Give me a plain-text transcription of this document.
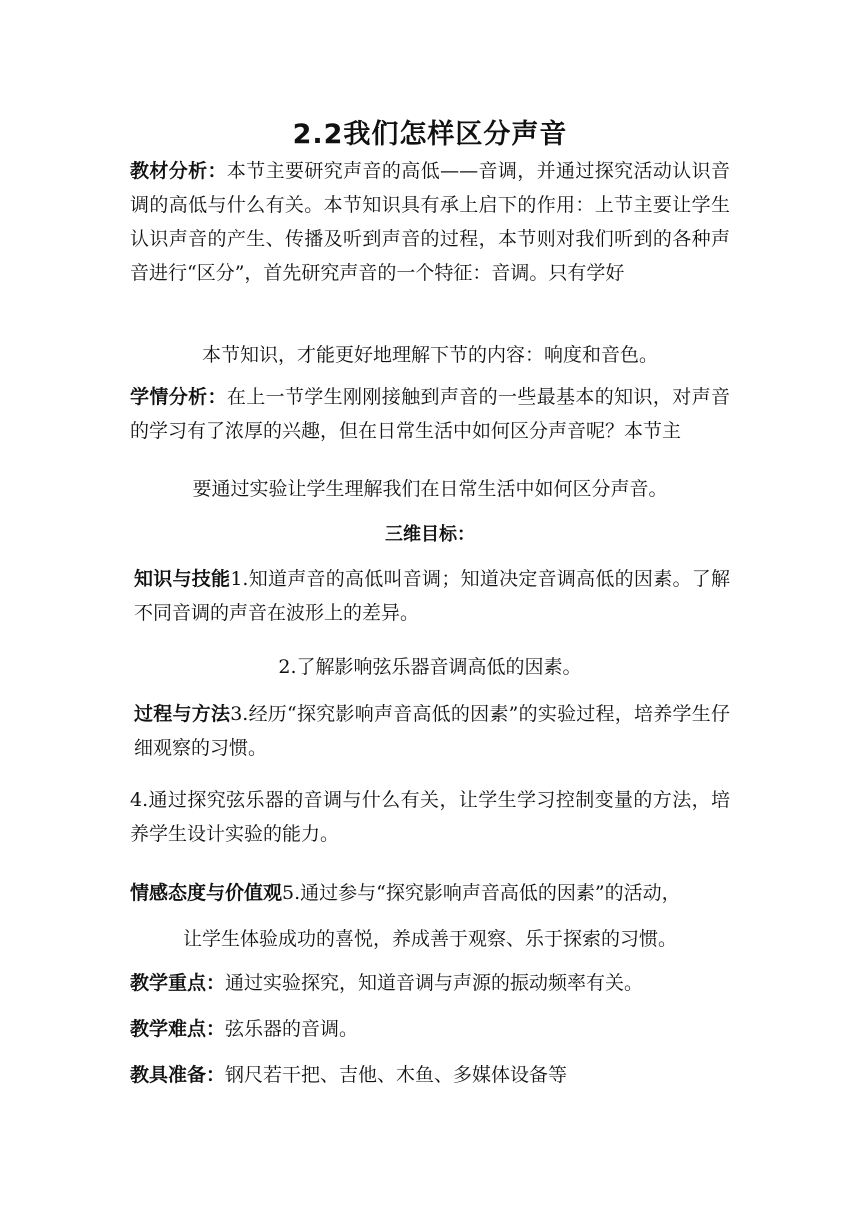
2.2我们怎样区分声音
教材分析：本节主要研究声音的高低——音调，并通过探究活动认识音调的高低与什么有关。本节知识具有承上启下的作用：上节主要让学生认识声音的产生、传播及听到声音的过程，本节则对我们听到的各种声音进行“区分”，首先研究声音的一个特征：音调。只有学好
本节知识，才能更好地理解下节的内容：响度和音色。
学情分析：在上一节学生刚刚接触到声音的一些最基本的知识，对声音的学习有了浓厚的兴趣，但在日常生活中如何区分声音呢？本节主
要通过实验让学生理解我们在日常生活中如何区分声音。
三维目标：
知识与技能1.知道声音的高低叫音调；知道决定音调高低的因素。了解不同音调的声音在波形上的差异。
2.了解影响弦乐器音调高低的因素。
过程与方法3.经历“探究影响声音高低的因素”的实验过程，培养学生仔细观察的习惯。
4.通过探究弦乐器的音调与什么有关，让学生学习控制变量的方法，培养学生设计实验的能力。
情感态度与价值观5.通过参与“探究影响声音高低的因素”的活动，
让学生体验成功的喜悦，养成善于观察、乐于探索的习惯。
教学重点：通过实验探究，知道音调与声源的振动频率有关。
教学难点：弦乐器的音调。
教具准备：钢尺若干把、吉他、木鱼、多媒体设备等
